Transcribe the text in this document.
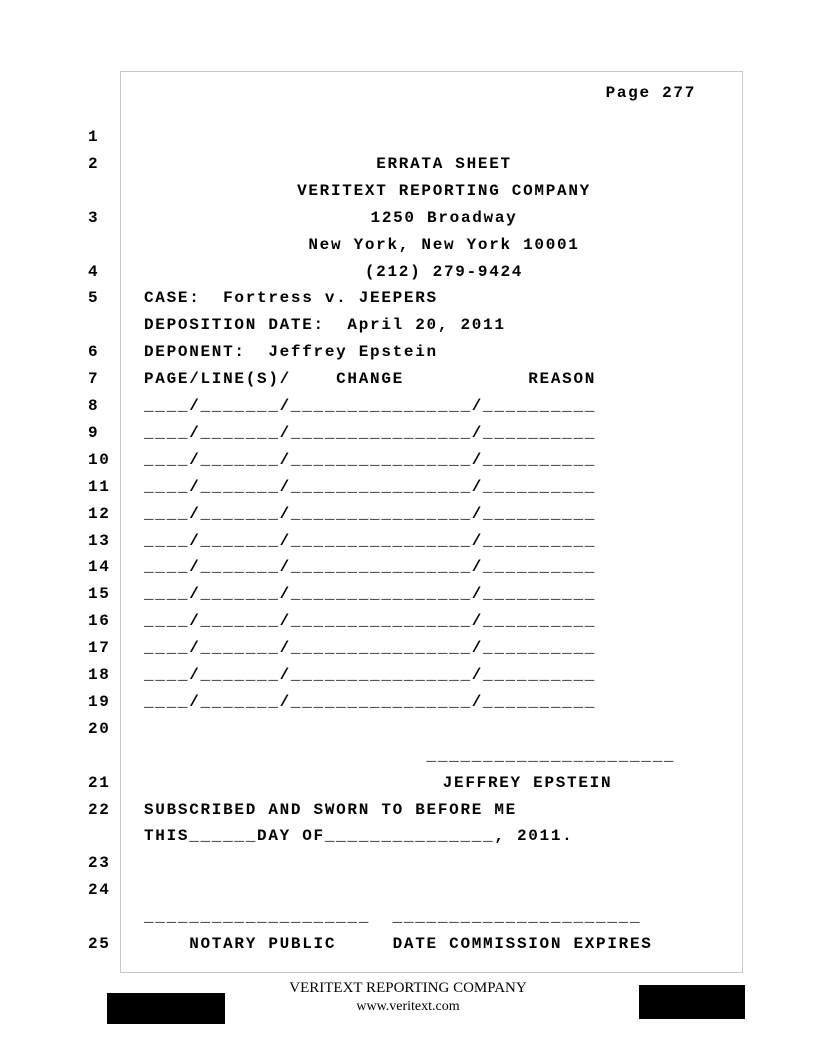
Page 277
1
2	ERRATA SHEET
VERITEXT REPORTING COMPANY
3	1250 Broadway
New York, New York 10001
4	(212) 279-9424
5	CASE:  Fortress v. JEEPERS
DEPOSITION DATE:  April 20, 2011
6	DEPONENT:  Jeffrey Epstein
7	PAGE/LINE(S)/    CHANGE           REASON
8	____/_______/________________/__________
9	____/_______/________________/__________
10	____/_______/________________/__________
11	____/_______/________________/__________
12	____/_______/________________/__________
13	____/_______/________________/__________
14	____/_______/________________/__________
15	____/_______/________________/__________
16	____/_______/________________/__________
17	____/_______/________________/__________
18	____/_______/________________/__________
19	____/_______/________________/__________
20
______________________
21	JEFFREY EPSTEIN
22	SUBSCRIBED AND SWORN TO BEFORE ME
THIS______DAY OF_______________, 2011.
23
24
____________________  ______________________
25	NOTARY PUBLIC     DATE COMMISSION EXPIRES
VERITEXT REPORTING COMPANY
www.veritext.com
